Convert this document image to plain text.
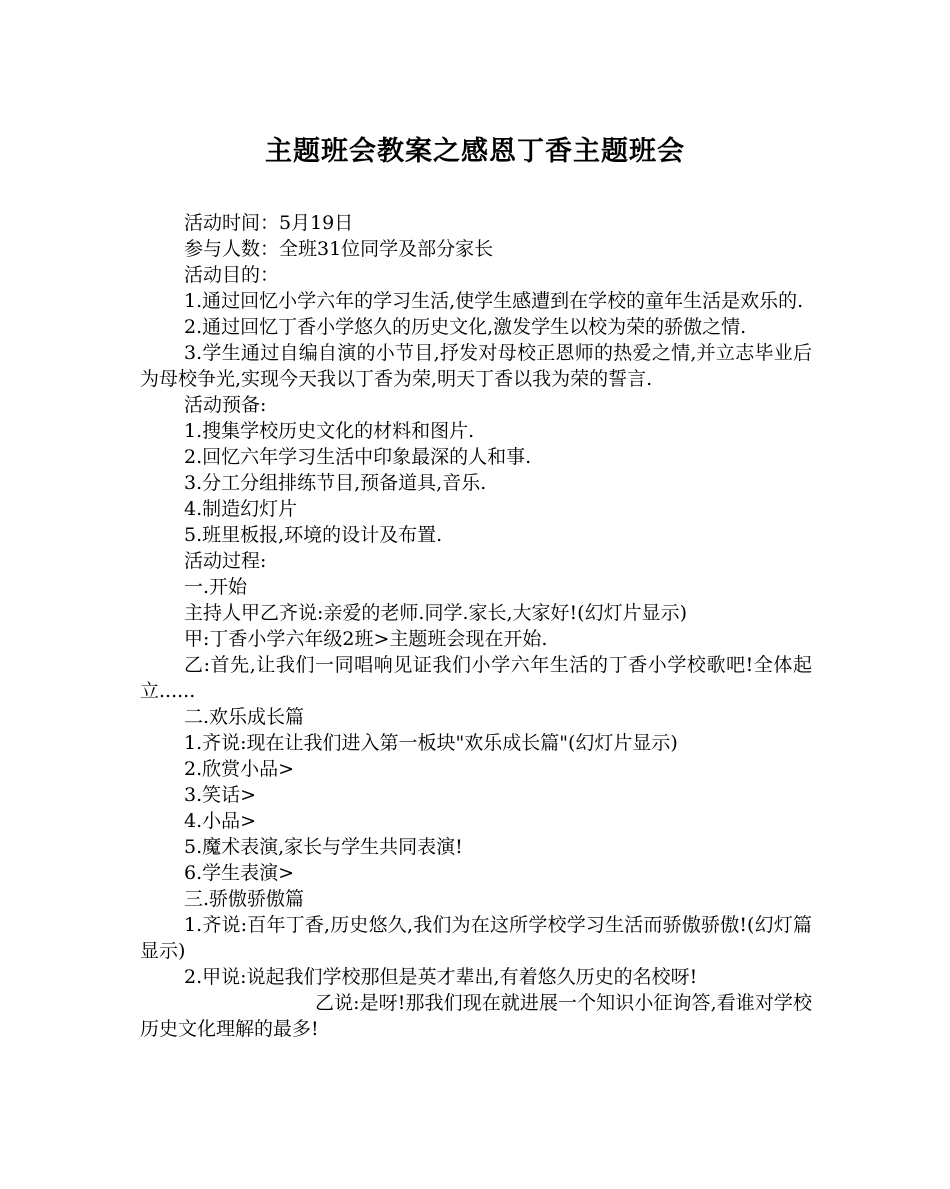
主题班会教案之感恩丁香主题班会

活动时间：5月19日

参与人数：全班31位同学及部分家长

活动目的：

1.通过回忆小学六年的学习生活,使学生感遭到在学校的童年生活是欢乐的.

2.通过回忆丁香小学悠久的历史文化,激发学生以校为荣的骄傲之情.

3.学生通过自编自演的小节目,抒发对母校正恩师的热爱之情,并立志毕业后为母校争光,实现今天我以丁香为荣,明天丁香以我为荣的誓言.

活动预备:

1.搜集学校历史文化的材料和图片.

2.回忆六年学习生活中印象最深的人和事.

3.分工分组排练节目,预备道具,音乐.

4.制造幻灯片

5.班里板报,环境的设计及布置.

活动过程:

一.开始

主持人甲乙齐说:亲爱的老师.同学.家长,大家好!(幻灯片显示)

甲:丁香小学六年级2班>主题班会现在开始.

乙:首先,让我们一同唱响见证我们小学六年生活的丁香小学校歌吧!全体起立......

二.欢乐成长篇

1.齐说:现在让我们进入第一板块"欢乐成长篇"(幻灯片显示)

2.欣赏小品>

3.笑话>

4.小品>

5.魔术表演,家长与学生共同表演!

6.学生表演>

三.骄傲骄傲篇

1.齐说:百年丁香,历史悠久,我们为在这所学校学习生活而骄傲骄傲!(幻灯篇显示)

2.甲说:说起我们学校那但是英才辈出,有着悠久历史的名校呀!

乙说:是呀!那我们现在就进展一个知识小征询答,看谁对学校历史文化理解的最多!
